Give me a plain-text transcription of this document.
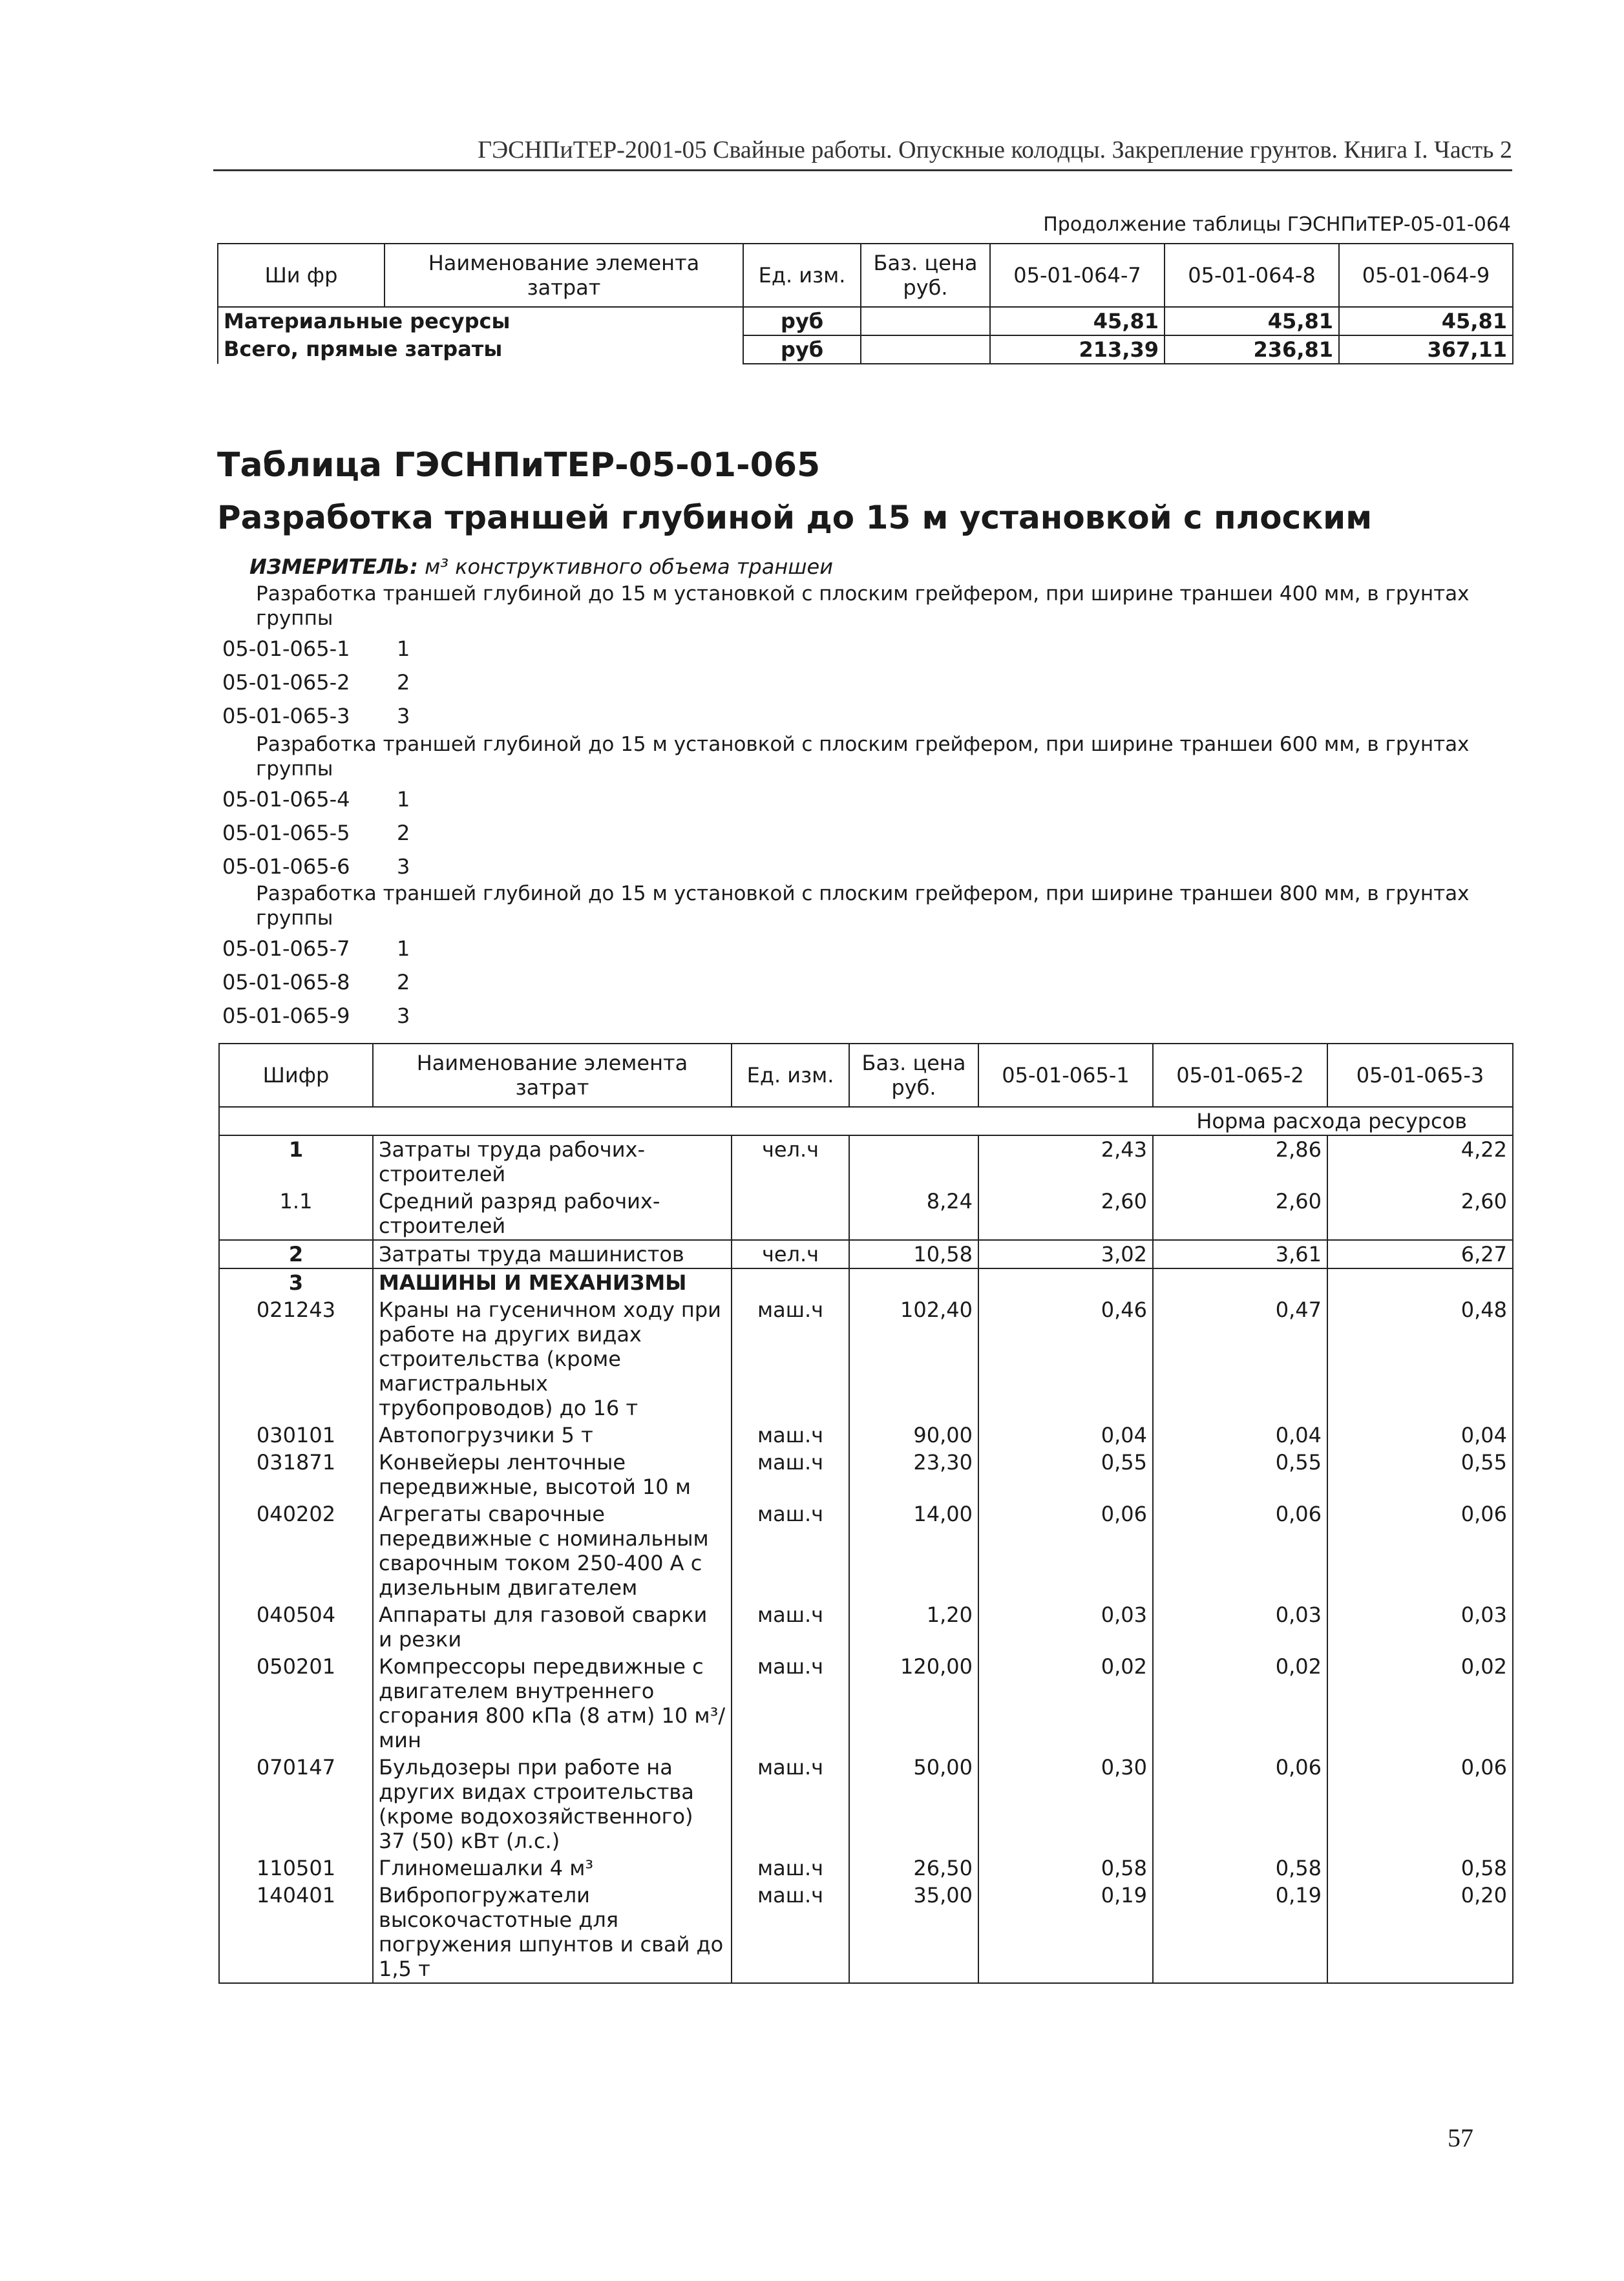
ГЭСНПиТЕР-2001-05 Свайные работы. Опускные колодцы. Закрепление грунтов. Книга I. Часть 2
Продолжение таблицы ГЭСНПиТЕР-05-01-064
Ши фр	Наименование элемента затрат	Ед. изм.	Баз. цена руб.	05-01-064-7	05-01-064-8	05-01-064-9
Материальные ресурсы		руб		45,81	45,81	45,81
Всего, прямые затраты		руб		213,39	236,81	367,11
Таблица ГЭСНПиТЕР-05-01-065
Разработка траншей глубиной до 15 м установкой с плоским
ИЗМЕРИТЕЛЬ: м³ конструктивного объема траншеи
Разработка траншей глубиной до 15 м установкой с плоским грейфером, при ширине траншеи 400 мм, в грунтах группы
05-01-065-1 1
05-01-065-2 2
05-01-065-3 3
Разработка траншей глубиной до 15 м установкой с плоским грейфером, при ширине траншеи 600 мм, в грунтах группы
05-01-065-4 1
05-01-065-5 2
05-01-065-6 3
Разработка траншей глубиной до 15 м установкой с плоским грейфером, при ширине траншеи 800 мм, в грунтах группы
05-01-065-7 1
05-01-065-8 2
05-01-065-9 3
Шифр	Наименование элемента затрат	Ед. изм.	Баз. цена руб.	05-01-065-1	05-01-065-2	05-01-065-3
Норма расхода ресурсов						
1	Затраты труда рабочих-строителей	чел.ч		2,43	2,86	4,22
1.1	Средний разряд рабочих-строителей		8,24	2,60	2,60	2,60
2	Затраты труда машинистов	чел.ч	10,58	3,02	3,61	6,27
3	МАШИНЫ И МЕХАНИЗМЫ					
021243	Краны на гусеничном ходу при работе на других видах строительства (кроме магистральных трубопроводов) до 16 т	маш.ч	102,40	0,46	0,47	0,48
030101	Автопогрузчики 5 т	маш.ч	90,00	0,04	0,04	0,04
031871	Конвейеры ленточные передвижные, высотой 10 м	маш.ч	23,30	0,55	0,55	0,55
040202	Агрегаты сварочные передвижные с номинальным сварочным током 250-400 А с дизельным двигателем	маш.ч	14,00	0,06	0,06	0,06
040504	Аппараты для газовой сварки и резки	маш.ч	1,20	0,03	0,03	0,03
050201	Компрессоры передвижные с двигателем внутреннего сгорания 800 кПа (8 атм) 10 м³/мин	маш.ч	120,00	0,02	0,02	0,02
070147	Бульдозеры при работе на других видах строительства (кроме водохозяйственного) 37 (50) кВт (л.с.)	маш.ч	50,00	0,30	0,06	0,06
110501	Глиномешалки 4 м³	маш.ч	26,50	0,58	0,58	0,58
140401	Вибропогружатели высокочастотные для погружения шпунтов и свай до 1,5 т	маш.ч	35,00	0,19	0,19	0,20
57
